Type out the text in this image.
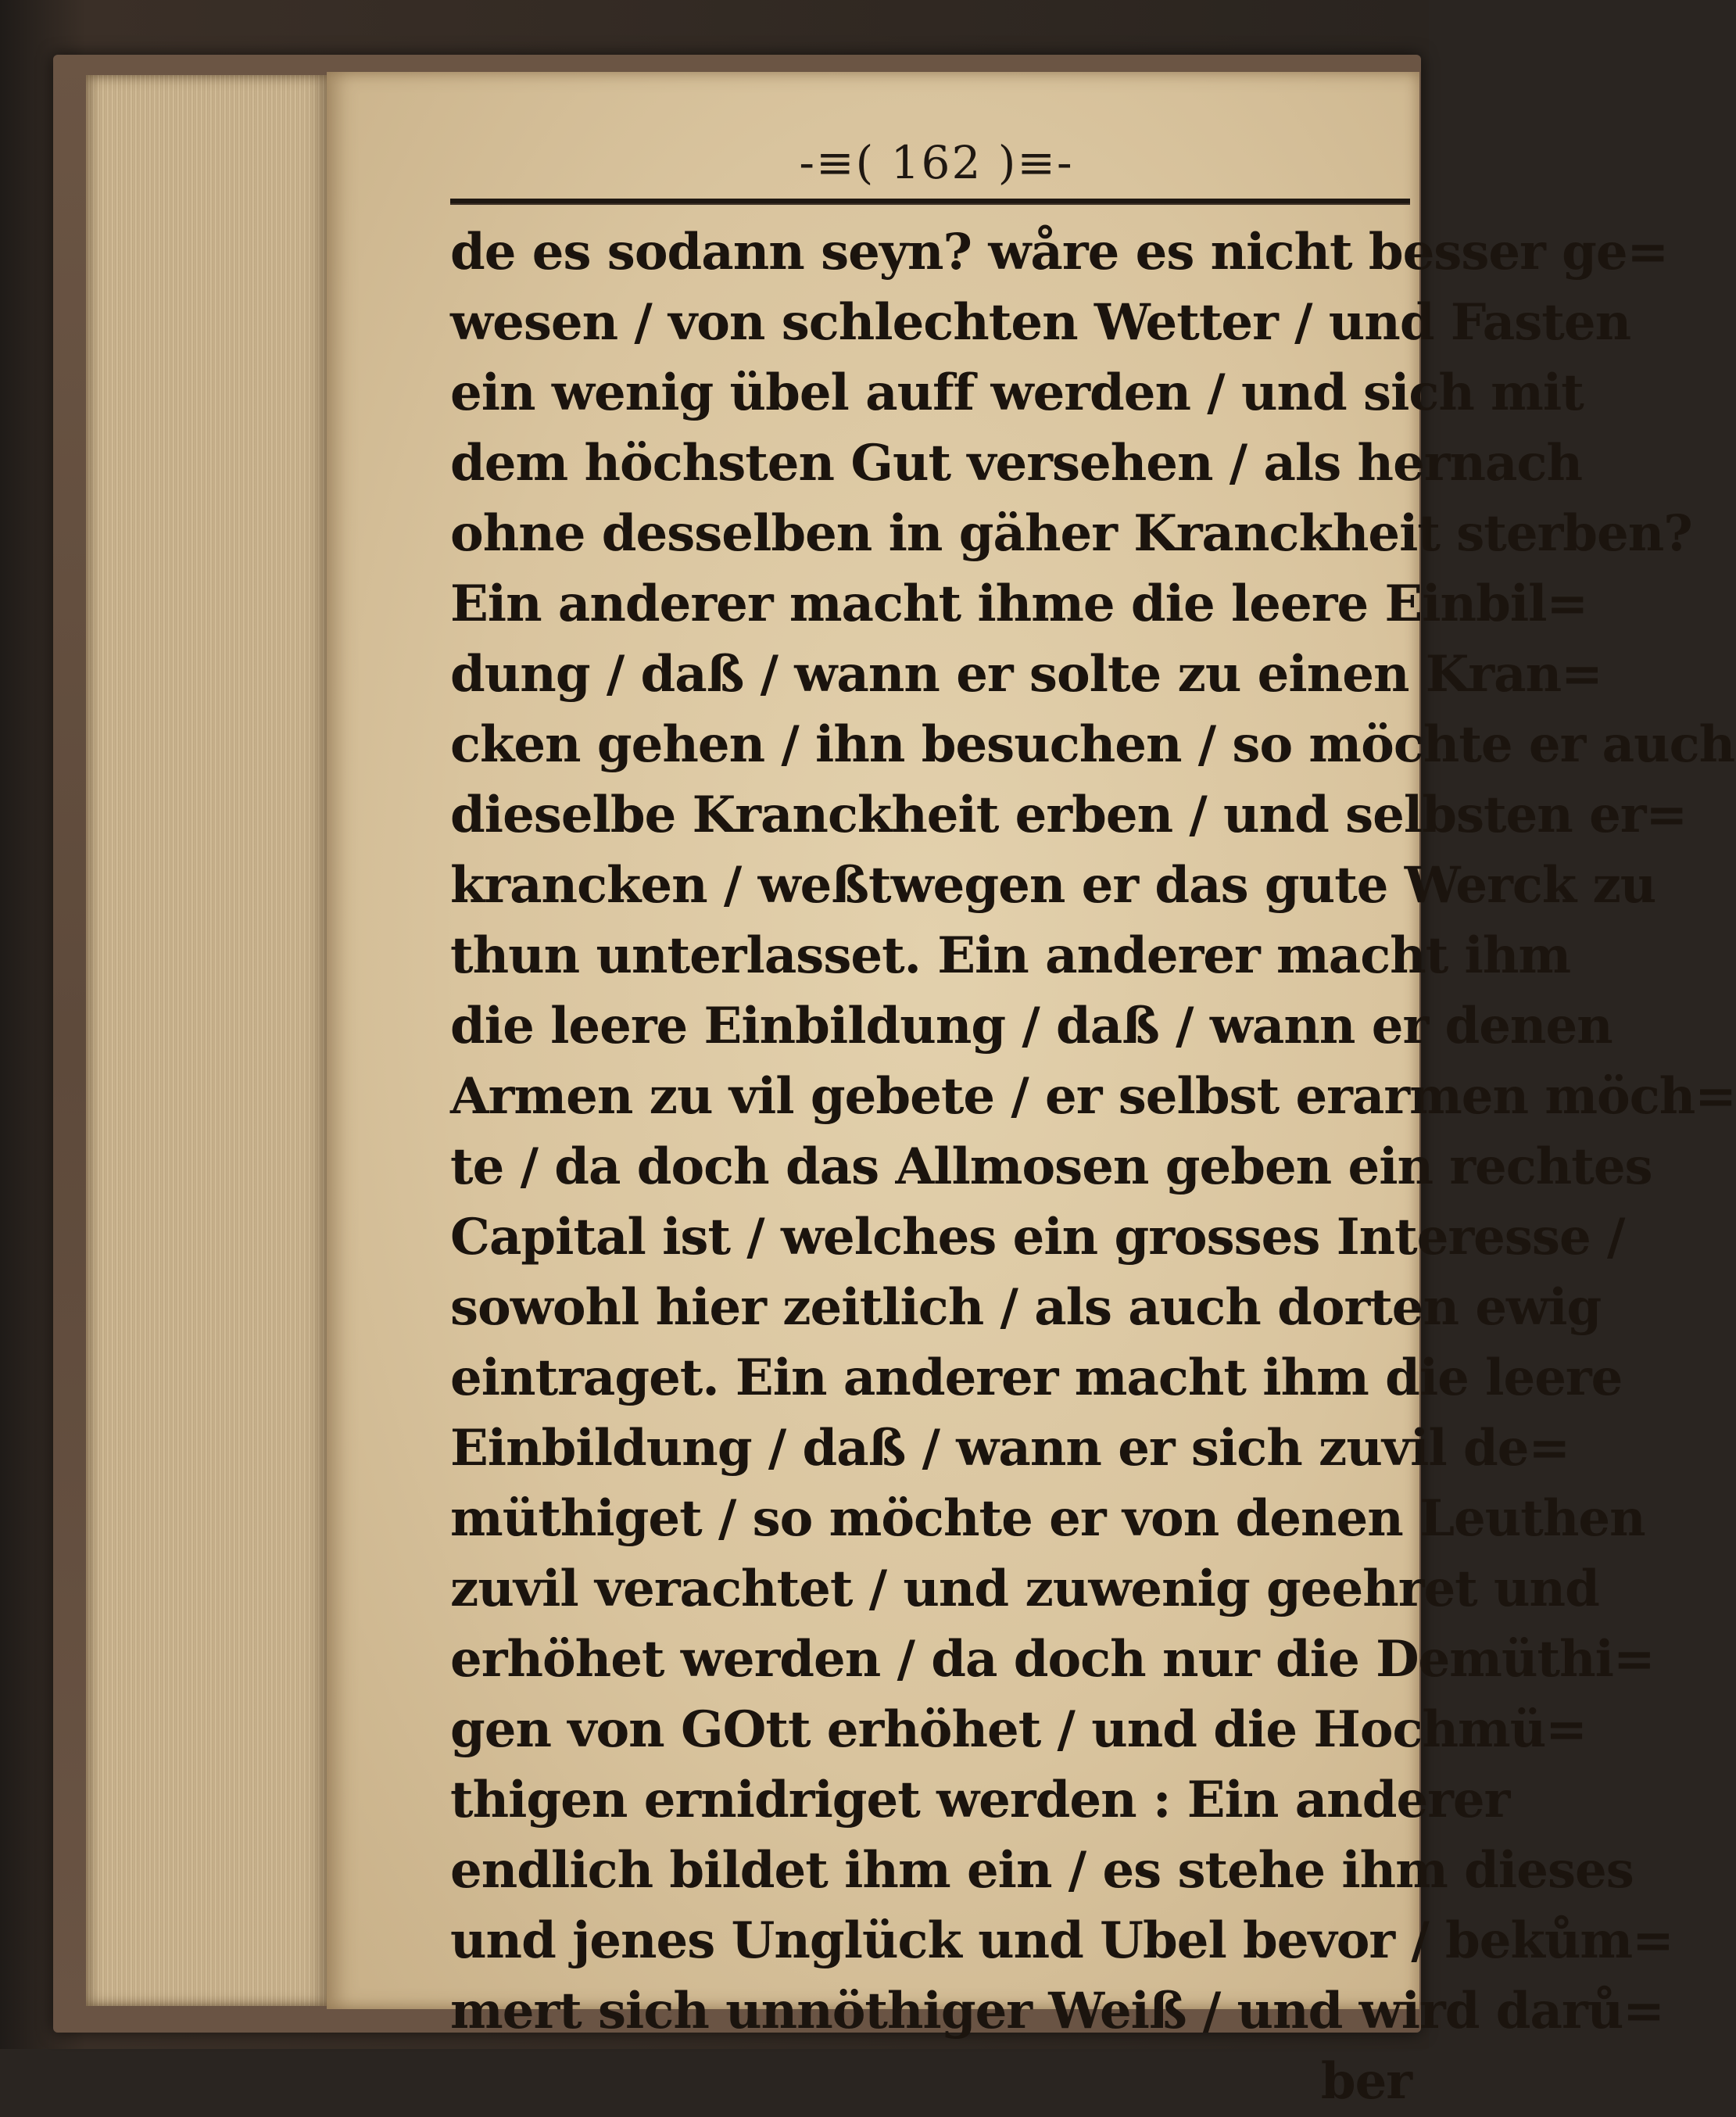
-≡( 162 )≡-
de es sodann seyn? wåre es nicht besser ge=
wesen / von schlechten Wetter / und Fasten
ein wenig übel auff werden / und sich mit
dem höchsten Gut versehen / als hernach
ohne desselben in gäher Kranckheit sterben?
Ein anderer macht ihme die leere Einbil=
dung / daß / wann er solte zu einen Kran=
cken gehen / ihn besuchen / so möchte er auch
dieselbe Kranckheit erben / und selbsten er=
krancken / weßtwegen er das gute Werck zu
thun unterlasset. Ein anderer macht ihm
die leere Einbildung / daß / wann er denen
Armen zu vil gebete / er selbst erarmen möch=
te / da doch das Allmosen geben ein rechtes
Capital ist / welches ein grosses Interesse /
sowohl hier zeitlich / als auch dorten ewig
eintraget. Ein anderer macht ihm die leere
Einbildung / daß / wann er sich zuvil de=
müthiget / so möchte er von denen Leuthen
zuvil verachtet / und zuwenig geehret und
erhöhet werden / da doch nur die Demüthi=
gen von GOtt erhöhet / und die Hochmü=
thigen ernidriget werden : Ein anderer
endlich bildet ihm ein / es stehe ihm dieses
und jenes Unglück und Ubel bevor / bekům=
mert sich unnöthiger Weiß / und wird darů=
ber
